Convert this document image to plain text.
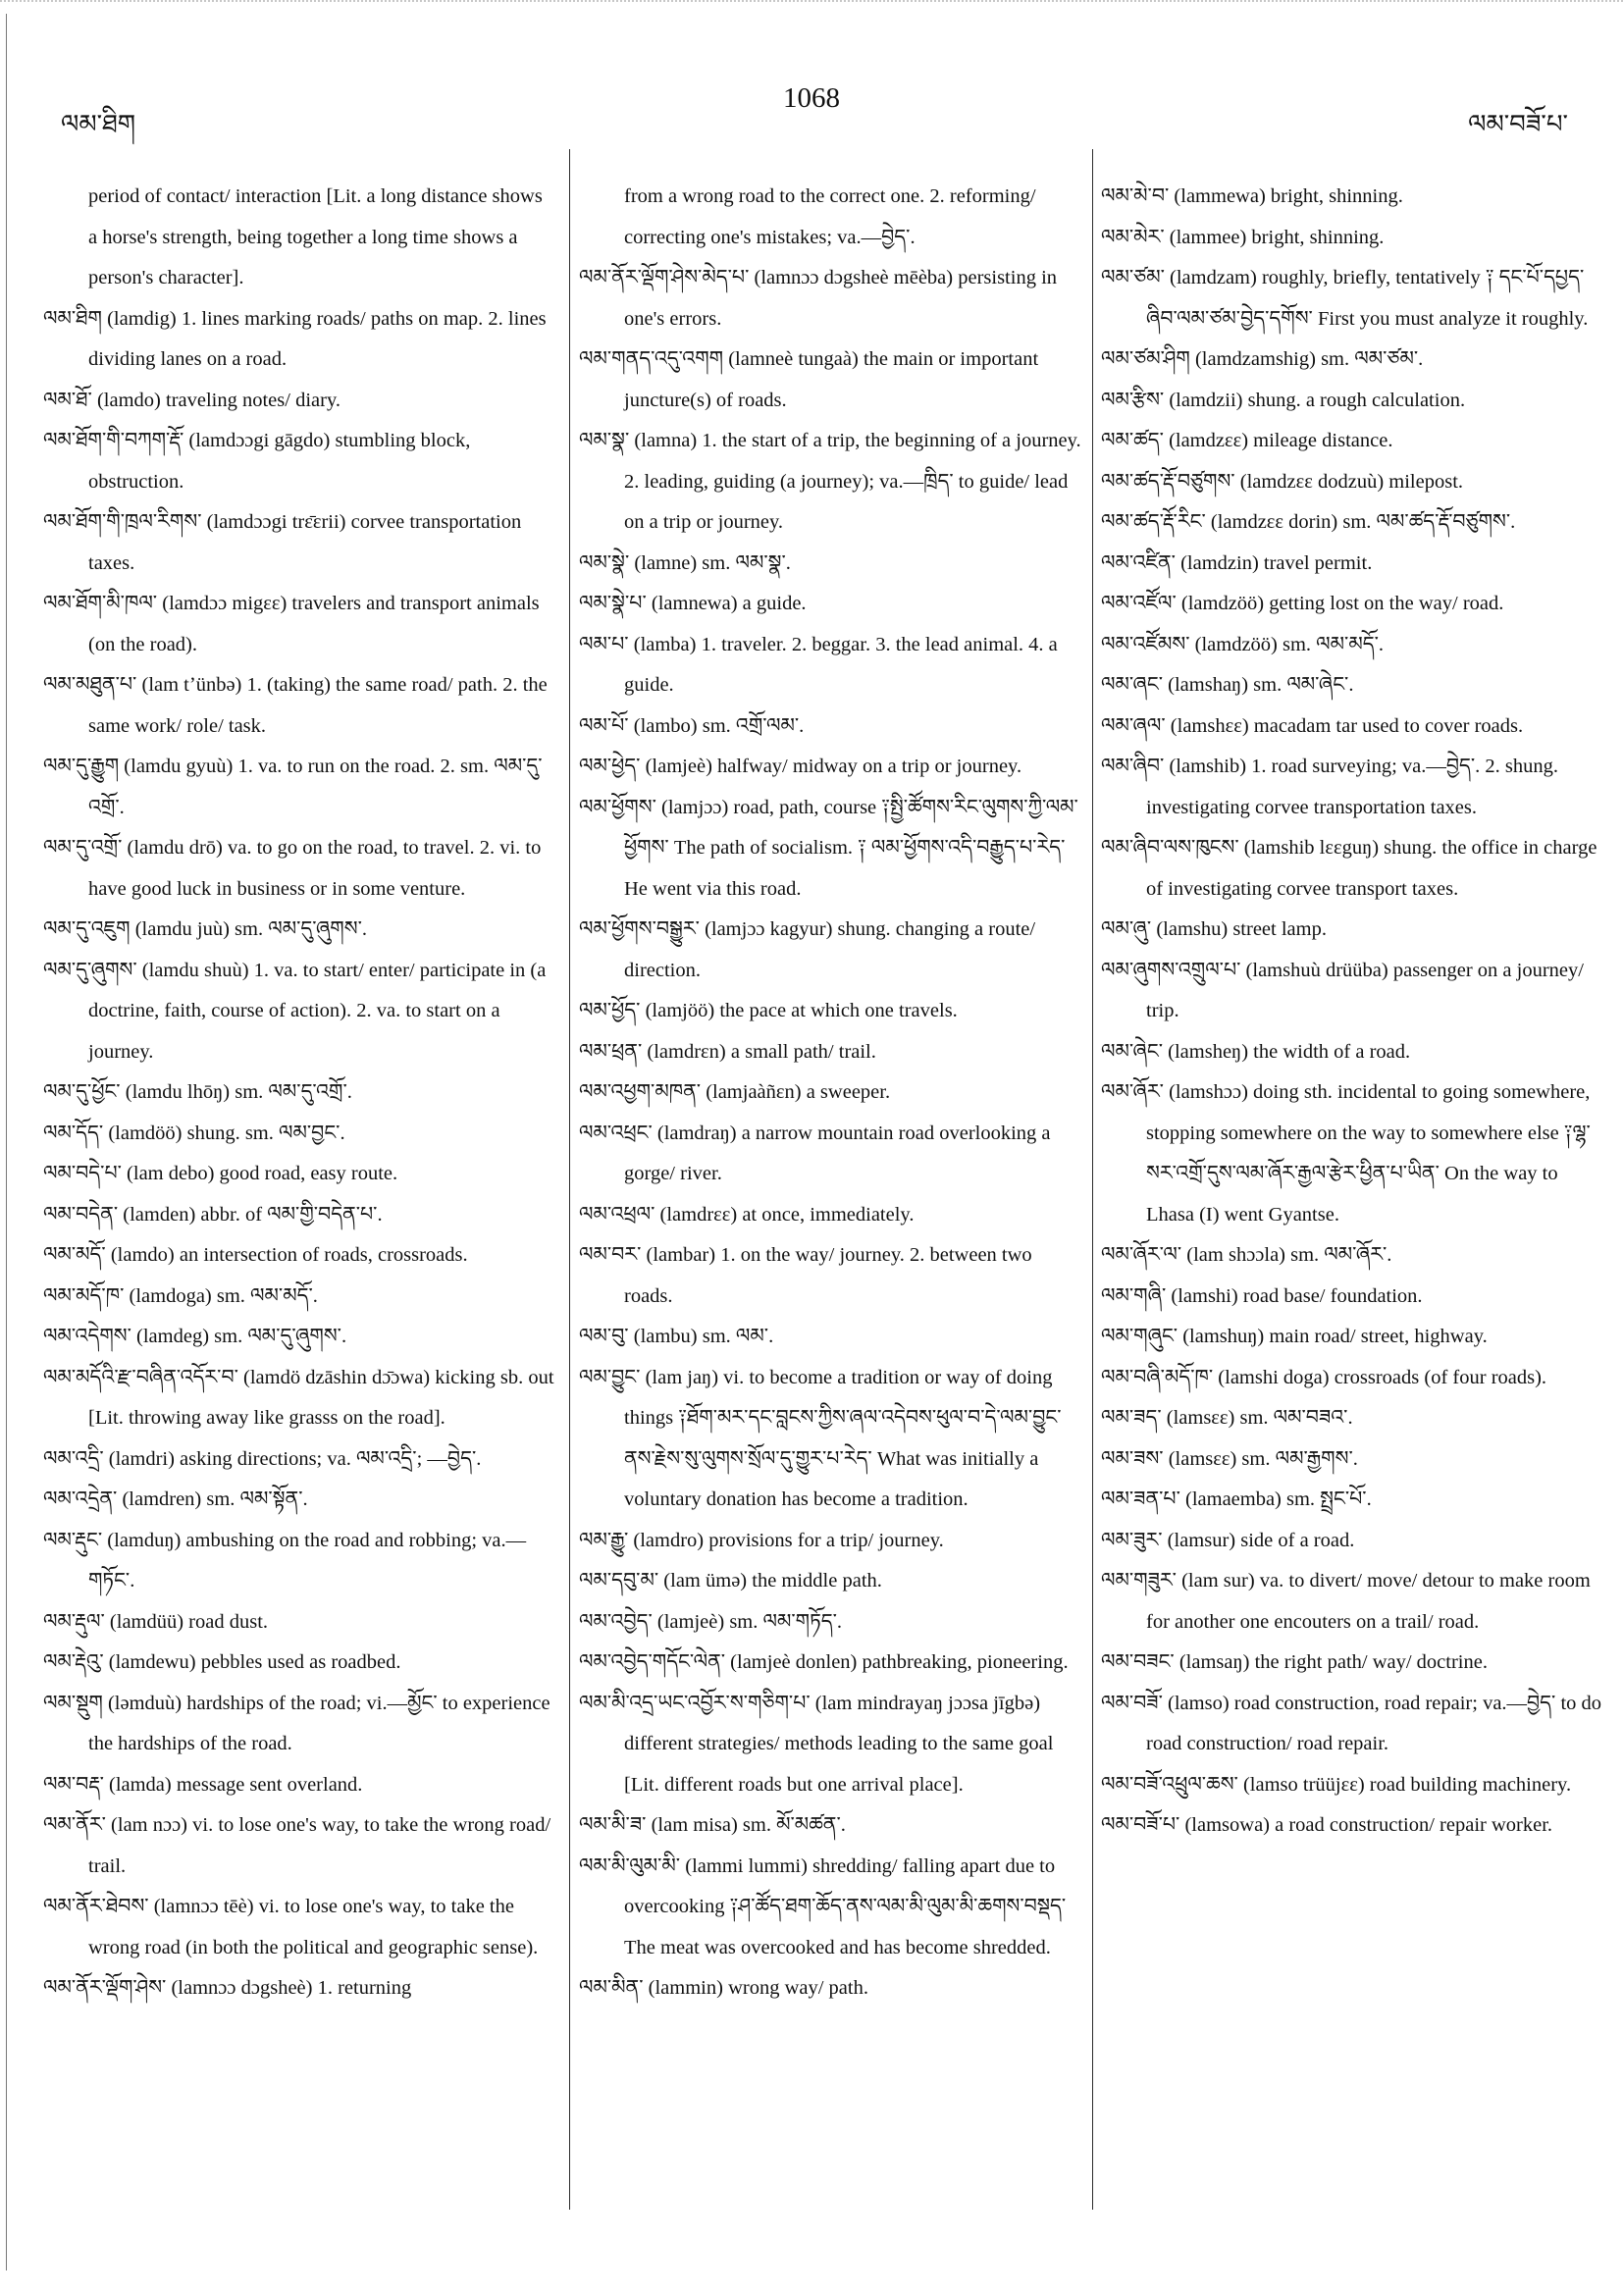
ལམ་ཐིག
1068
ལམ་བཟོ་པ་

period of contact/ interaction [Lit. a long distance shows a horse's strength, being together a long time shows a person's character].

ལམ་ཐིག (lamdig) 1. lines marking roads/ paths on map. 2. lines dividing lanes on a road.

ལམ་ཐོ་ (lamdo) traveling notes/ diary.

ལམ་ཐོག་གི་བཀག་རྡོ་ (lamdɔɔgi gāgdo) stumbling block, obstruction.

ལམ་ཐོག་གི་ཁྲལ་རིགས་ (lamdɔɔgi trɛ̄ɛrii) corvee transportation taxes.

ལམ་ཐོག་མི་ཁལ་ (lamdɔɔ migɛɛ) travelers and transport animals (on the road).

ལམ་མཐུན་པ་ (lam tʼünbə) 1. (taking) the same road/ path. 2. the same work/ role/ task.

ལམ་དུ་རྒྱུག (lamdu gyuù) 1. va. to run on the road. 2. sm. ལམ་དུ་འགྲོ་.

ལམ་དུ་འགྲོ་ (lamdu drō) va. to go on the road, to travel. 2. vi. to have good luck in business or in some venture.

ལམ་དུ་འཇུག (lamdu juù) sm. ལམ་དུ་ཞུགས་.

ལམ་དུ་ཞུགས་ (lamdu shuù) 1. va. to start/ enter/ participate in (a doctrine, faith, course of action). 2. va. to start on a journey.

ལམ་དུ་ཕྱོང་ (lamdu lhōŋ) sm. ལམ་དུ་འགྲོ་.

ལམ་དོད་ (lamdöö) shung. sm. ལམ་བྱང་.

ལམ་བདེ་པ་ (lam debo) good road, easy route.

ལམ་བདེན་ (lamden) abbr. of ལམ་གྱི་བདེན་པ་.

ལམ་མདོ་ (lamdo) an intersection of roads, crossroads.

ལམ་མདོ་ཁ་ (lamdoga) sm. ལམ་མདོ་.

ལམ་འདེགས་ (lamdeg) sm. ལམ་དུ་ཞུགས་.

ལམ་མདོའི་རྫ་བཞིན་འདོར་བ་ (lamdö dzāshin dɔ̄ɔwa) kicking sb. out [Lit. throwing away like grasss on the road].

ལམ་འདྲི་ (lamdri) asking directions; va. ལམ་འདྲི་; —བྱེད་.

ལམ་འདྲེན་ (lamdren) sm. ལམ་སྟོན་.

ལམ་རྡུང་ (lamduŋ) ambushing on the road and robbing; va.—གཏོང་.

ལམ་རྡུལ་ (lamdüü) road dust.

ལམ་རྡེའུ་ (lamdewu) pebbles used as roadbed.

ལམ་སྡུག (ləmduù) hardships of the road; vi.—མྱོང་ to experience the hardships of the road.

ལམ་བརྡ་ (lamda) message sent overland.

ལམ་ནོར་ (lam nɔɔ) vi. to lose one's way, to take the wrong road/ trail.

ལམ་ནོར་ཐེབས་ (lamnɔɔ tēè) vi. to lose one's way, to take the wrong road (in both the political and geographic sense).

ལམ་ནོར་ལྡོག་ཤེས་ (lamnɔɔ dɔgsheè) 1. returning

from a wrong road to the correct one. 2. reforming/ correcting one's mistakes; va.—བྱེད་.

ལམ་ནོར་ལྡོག་ཤེས་མེད་པ་ (lamnɔɔ dɔgsheè mēèba) persisting in one's errors.

ལམ་གནད་འདུ་འགག (lamneè tungaà) the main or important juncture(s) of roads.

ལམ་སྣ་ (lamna) 1. the start of a trip, the beginning of a journey. 2. leading, guiding (a journey); va.—ཁྲིད་ to guide/ lead on a trip or journey.

ལམ་སྣེ་ (lamne) sm. ལམ་སྣ་.

ལམ་སྣེ་པ་ (lamnewa) a guide.

ལམ་པ་ (lamba) 1. traveler. 2. beggar. 3. the lead animal. 4. a guide.

ལམ་པོ་ (lambo) sm. འགྲོ་ལམ་.

ལམ་ཕྱེད་ (lamjeè) halfway/ midway on a trip or journey.

ལམ་ཕྱོགས་ (lamjɔɔ) road, path, course ༑སྤྱི་ཚོགས་རིང་ལུགས་ཀྱི་ལམ་ཕྱོགས་ The path of socialism. ༑ ལམ་ཕྱོགས་འདི་བརྒྱུད་པ་རེད་ He went via this road.

ལམ་ཕྱོགས་བསྒྱུར་ (lamjɔɔ kagyur) shung. changing a route/ direction.

ལམ་ཕྱོད་ (lamjöö) the pace at which one travels.

ལམ་ཕྲན་ (lamdrɛn) a small path/ trail.

ལམ་འཕྱག་མཁན་ (lamjaàñɛn) a sweeper.

ལམ་འཕྲང་ (lamdraŋ) a narrow mountain road overlooking a gorge/ river.

ལམ་འཕྲལ་ (lamdrɛɛ) at once, immediately.

ལམ་བར་ (lambar) 1. on the way/ journey. 2. between two roads.

ལམ་བུ་ (lambu) sm. ལམ་.

ལམ་བྱུང་ (lam jaŋ) vi. to become a tradition or way of doing things ༑ཐོག་མར་དང་བླངས་ཀྱིས་ཞལ་འདེབས་ཕུལ་བ་དེ་ལམ་བྱུང་ནས་རྗེས་སུ་ལུགས་སྲོལ་དུ་གྱུར་པ་རེད་ What was initially a voluntary donation has become a tradition.

ལམ་རྒྱུ་ (lamdro) provisions for a trip/ journey.

ལམ་དབུ་མ་ (lam ümə) the middle path.

ལམ་འབྱེད་ (lamjeè) sm. ལམ་གཏོད་.

ལམ་འབྱེད་གདོང་ལེན་ (lamjeè donlen) pathbreaking, pioneering.

ལམ་མི་འདྲ་ཡང་འབྱོར་ས་གཅིག་པ་ (lam mindrayaŋ jɔɔsa jīgbə) different strategies/ methods leading to the same goal [Lit. different roads but one arrival place].

ལམ་མི་ཟ་ (lam misa) sm. མོ་མཚན་.

ལམ་མི་ལུམ་མི་ (lammi lummi) shredding/ falling apart due to overcooking ༑ཤ་ཚོད་ཐག་ཆོད་ནས་ལམ་མི་ལུམ་མི་ཆགས་བསྡད་ The meat was overcooked and has become shredded.

ལམ་མིན་ (lammin) wrong way/ path.

ལམ་མེ་བ་ (lammewa) bright, shinning.

ལམ་མེར་ (lammee) bright, shinning.

ལམ་ཙམ་ (lamdzam) roughly, briefly, tentatively ༑ དང་པོ་དཔྱད་ཞིབ་ལམ་ཙམ་བྱེད་དགོས་ First you must analyze it roughly.

ལམ་ཙམ་ཤིག (lamdzamshig) sm. ལམ་ཙམ་.

ལམ་རྩིས་ (lamdzii) shung. a rough calculation.

ལམ་ཚད་ (lamdzɛɛ) mileage distance.

ལམ་ཚད་རྡོ་བཙུགས་ (lamdzɛɛ dodzuù) milepost.

ལམ་ཚད་རྡོ་རིང་ (lamdzɛɛ dorin) sm. ལམ་ཚད་རྡོ་བཙུགས་.

ལམ་འཛིན་ (lamdzin) travel permit.

ལམ་འཛོལ་ (lamdzöö) getting lost on the way/ road.

ལམ་འཛོམས་ (lamdzöö) sm. ལམ་མདོ་.

ལམ་ཞང་ (lamshaŋ) sm. ལམ་ཞེང་.

ལམ་ཞལ་ (lamshɛɛ) macadam tar used to cover roads.

ལམ་ཞིབ་ (lamshib) 1. road surveying; va.—བྱེད་. 2. shung. investigating corvee transportation taxes.

ལམ་ཞིབ་ལས་ཁུངས་ (lamshib lɛɛguŋ) shung. the office in charge of investigating corvee transport taxes.

ལམ་ཞུ་ (lamshu) street lamp.

ལམ་ཞུགས་འགྲུལ་པ་ (lamshuù drüüba) passenger on a journey/ trip.

ལམ་ཞེང་ (lamsheŋ) the width of a road.

ལམ་ཞོར་ (lamshɔɔ) doing sth. incidental to going somewhere, stopping somewhere on the way to somewhere else ༑ལྷ་སར་འགྲོ་དུས་ལམ་ཞོར་རྒྱལ་རྩེར་ཕྱིན་པ་ཡིན་ On the way to Lhasa (I) went Gyantse.

ལམ་ཞོར་ལ་ (lam shɔɔla) sm. ལམ་ཞོར་.

ལམ་གཞི་ (lamshi) road base/ foundation.

ལམ་གཞུང་ (lamshuŋ) main road/ street, highway.

ལམ་བཞི་མདོ་ཁ་ (lamshi doga) crossroads (of four roads).

ལམ་ཟད་ (lamsɛɛ) sm. ལམ་བཟའ་.

ལམ་ཟས་ (lamsɛɛ) sm. ལམ་རྒྱགས་.

ལམ་ཟན་པ་ (lamaemba) sm. སྤྲང་པོ་.

ལམ་ཟུར་ (lamsur) side of a road.

ལམ་གཟུར་ (lam sur) va. to divert/ move/ detour to make room for another one encouters on a trail/ road.

ལམ་བཟང་ (lamsaŋ) the right path/ way/ doctrine.

ལམ་བཟོ་ (lamso) road construction, road repair; va.—བྱེད་ to do road construction/ road repair.

ལམ་བཟོ་འཕྲུལ་ཆས་ (lamso trüüjɛɛ) road building machinery.

ལམ་བཟོ་པ་ (lamsowa) a road construction/ repair worker.
